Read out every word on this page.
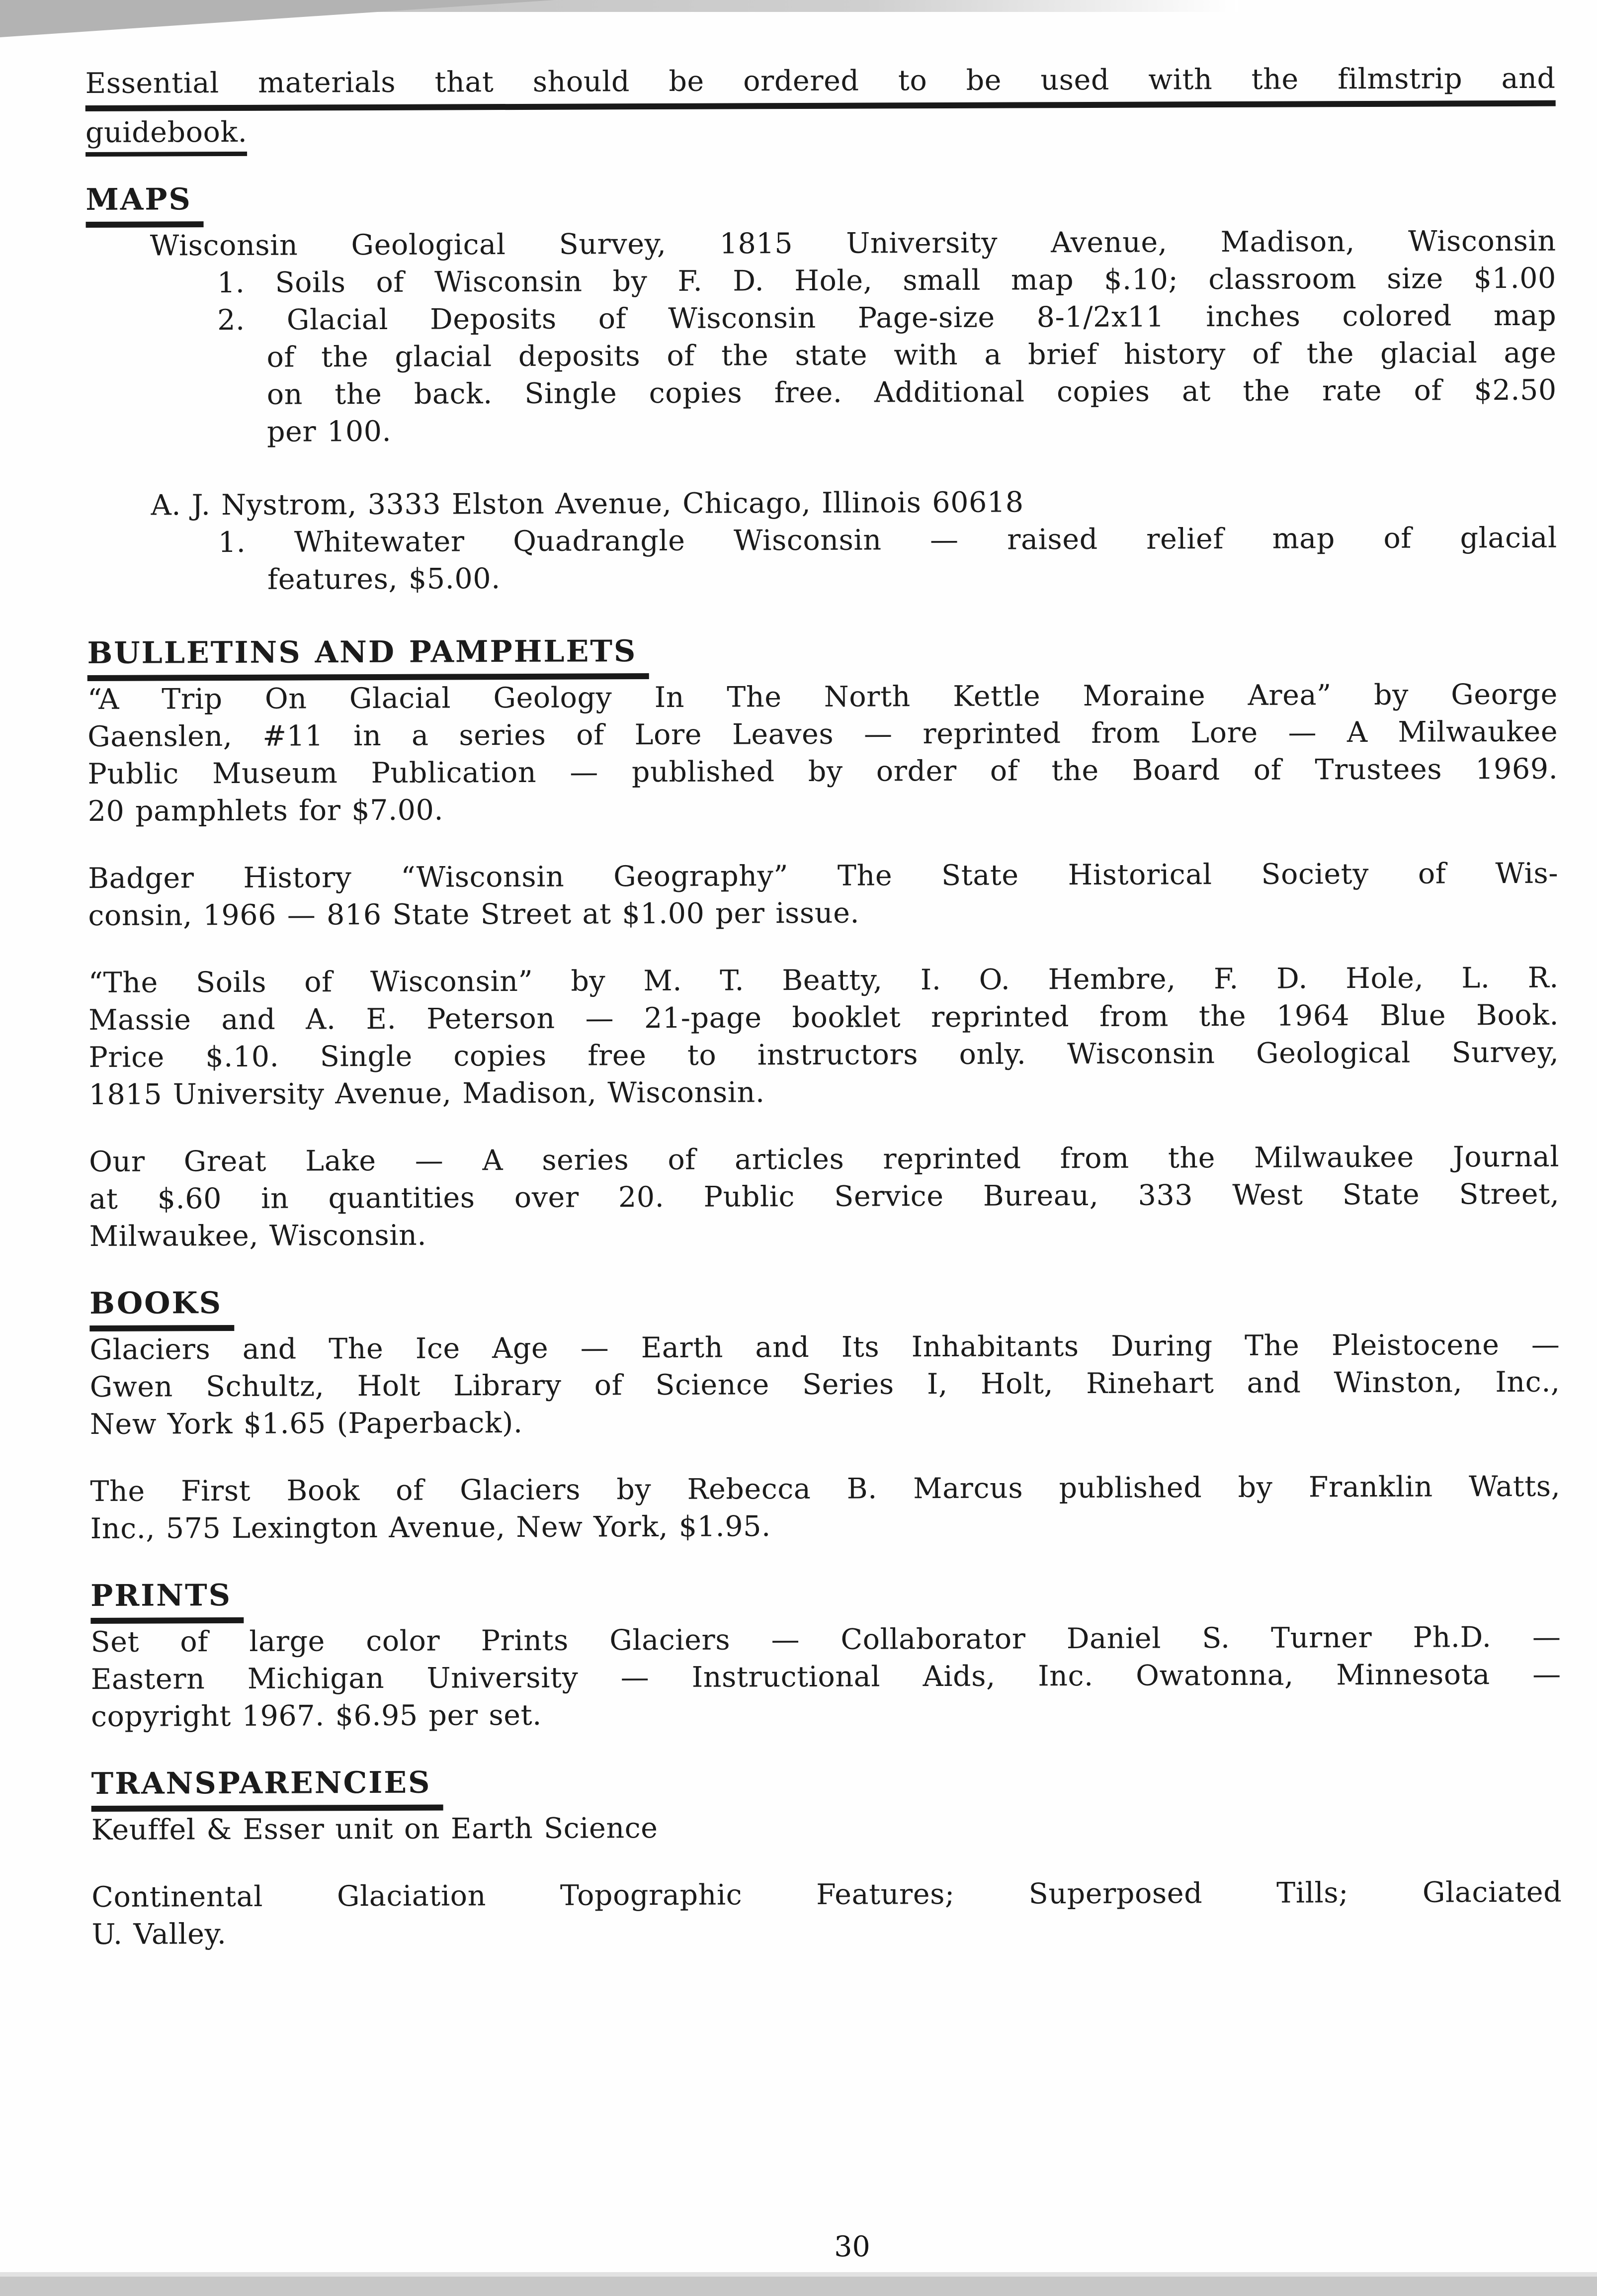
Essential materials that should be ordered to be used with the filmstrip and
guidebook.
MAPS
Wisconsin Geological Survey, 1815 University Avenue, Madison, Wisconsin
1. Soils of Wisconsin by F. D. Hole, small map $.10; classroom size $1.00
2. Glacial Deposits of Wisconsin Page-size 8-1/2x11 inches colored map
of the glacial deposits of the state with a brief history of the glacial age
on the back. Single copies free. Additional copies at the rate of $2.50
per 100.
A. J. Nystrom, 3333 Elston Avenue, Chicago, Illinois 60618
1. Whitewater Quadrangle Wisconsin — raised relief map of glacial
features, $5.00.
BULLETINS AND PAMPHLETS
“A Trip On Glacial Geology In The North Kettle Moraine Area” by George
Gaenslen, #11 in a series of Lore Leaves — reprinted from Lore — A Milwaukee
Public Museum Publication — published by order of the Board of Trustees 1969.
20 pamphlets for $7.00.
Badger History “Wisconsin Geography” The State Historical Society of Wis-
consin, 1966 — 816 State Street at $1.00 per issue.
“The Soils of Wisconsin” by M. T. Beatty, I. O. Hembre, F. D. Hole, L. R.
Massie and A. E. Peterson — 21-page booklet reprinted from the 1964 Blue Book.
Price $.10. Single copies free to instructors only. Wisconsin Geological Survey,
1815 University Avenue, Madison, Wisconsin.
Our Great Lake — A series of articles reprinted from the Milwaukee Journal
at $.60 in quantities over 20. Public Service Bureau, 333 West State Street,
Milwaukee, Wisconsin.
BOOKS
Glaciers and The Ice Age — Earth and Its Inhabitants During The Pleistocene —
Gwen Schultz, Holt Library of Science Series I, Holt, Rinehart and Winston, Inc.,
New York $1.65 (Paperback).
The First Book of Glaciers by Rebecca B. Marcus published by Franklin Watts,
Inc., 575 Lexington Avenue, New York, $1.95.
PRINTS
Set of large color Prints Glaciers — Collaborator Daniel S. Turner Ph.D. —
Eastern Michigan University — Instructional Aids, Inc. Owatonna, Minnesota —
copyright 1967. $6.95 per set.
TRANSPARENCIES
Keuffel & Esser unit on Earth Science
Continental Glaciation Topographic Features; Superposed Tills; Glaciated
U. Valley.
30
